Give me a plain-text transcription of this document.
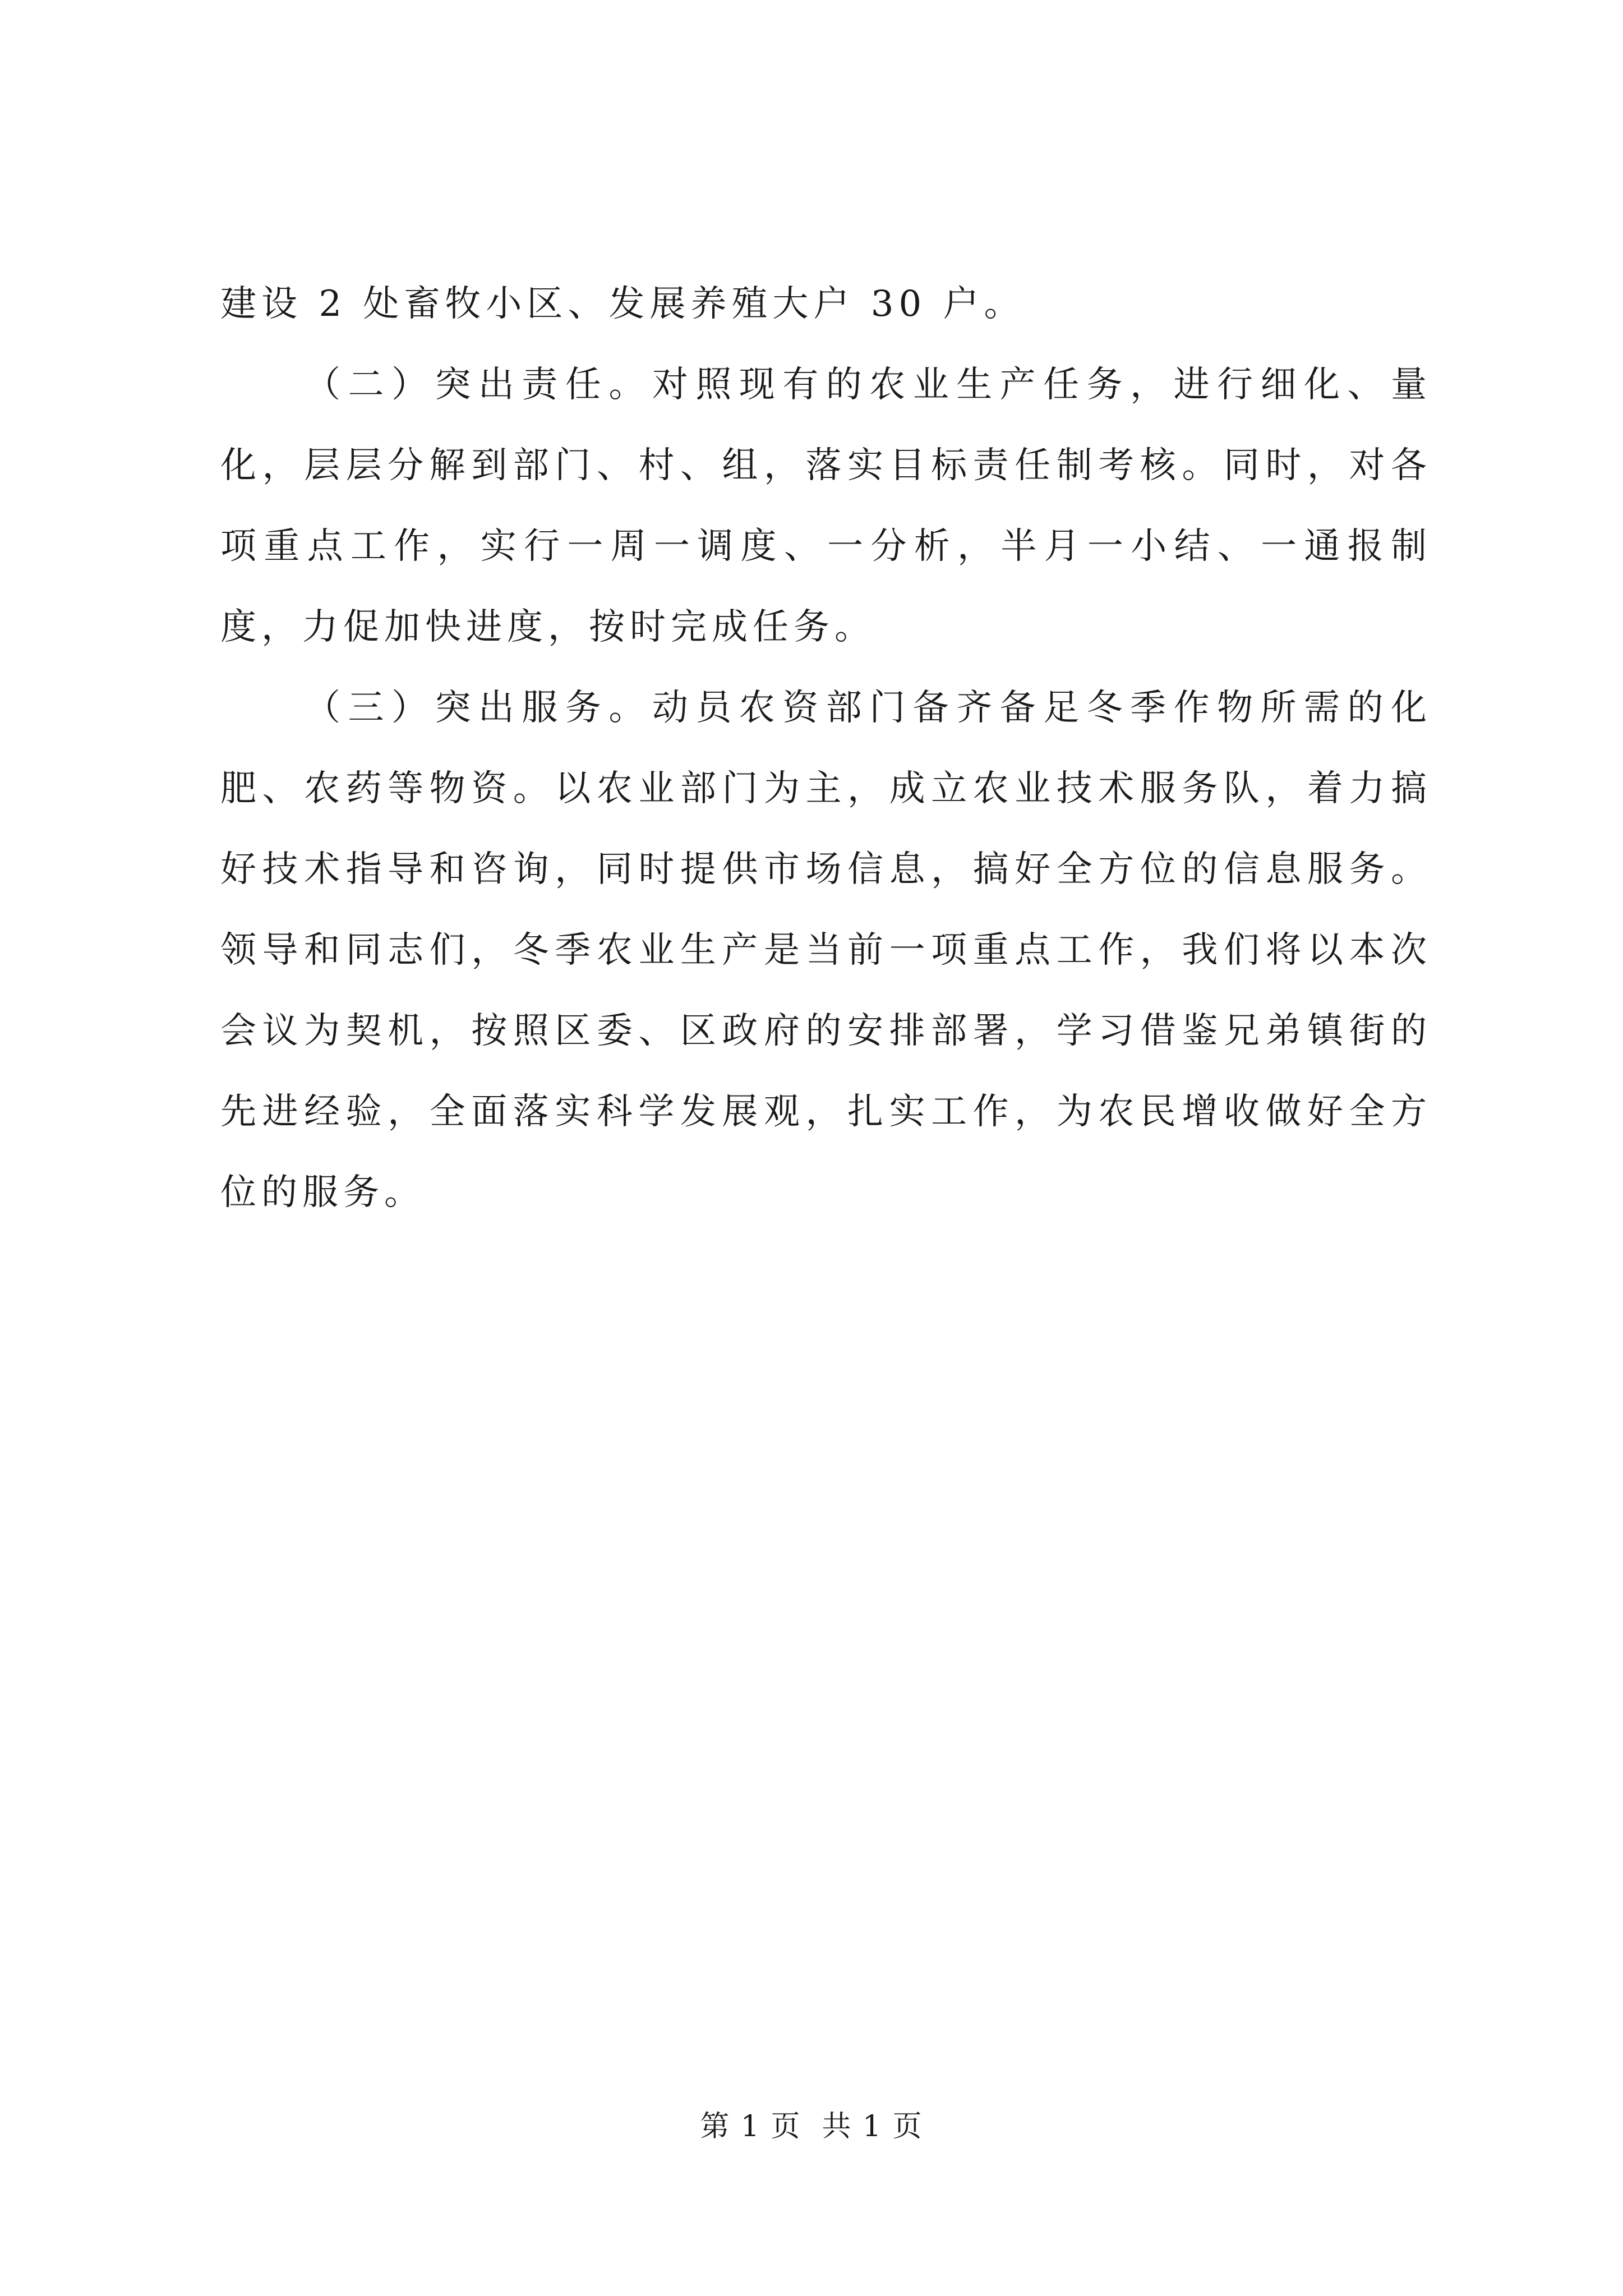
建设 2 处畜牧小区、发展养殖大户 30 户。

（二）突出责任。对照现有的农业生产任务，进行细化、量化，层层分解到部门、村、组，落实目标责任制考核。同时，对各项重点工作，实行一周一调度、一分析，半月一小结、一通报制度，力促加快进度，按时完成任务。

（三）突出服务。动员农资部门备齐备足冬季作物所需的化肥、农药等物资。以农业部门为主，成立农业技术服务队，着力搞好技术指导和咨询，同时提供市场信息，搞好全方位的信息服务。领导和同志们，冬季农业生产是当前一项重点工作，我们将以本次会议为契机，按照区委、区政府的安排部署，学习借鉴兄弟镇街的先进经验，全面落实科学发展观，扎实工作，为农民增收做好全方位的服务。

第 1 页  共 1 页
